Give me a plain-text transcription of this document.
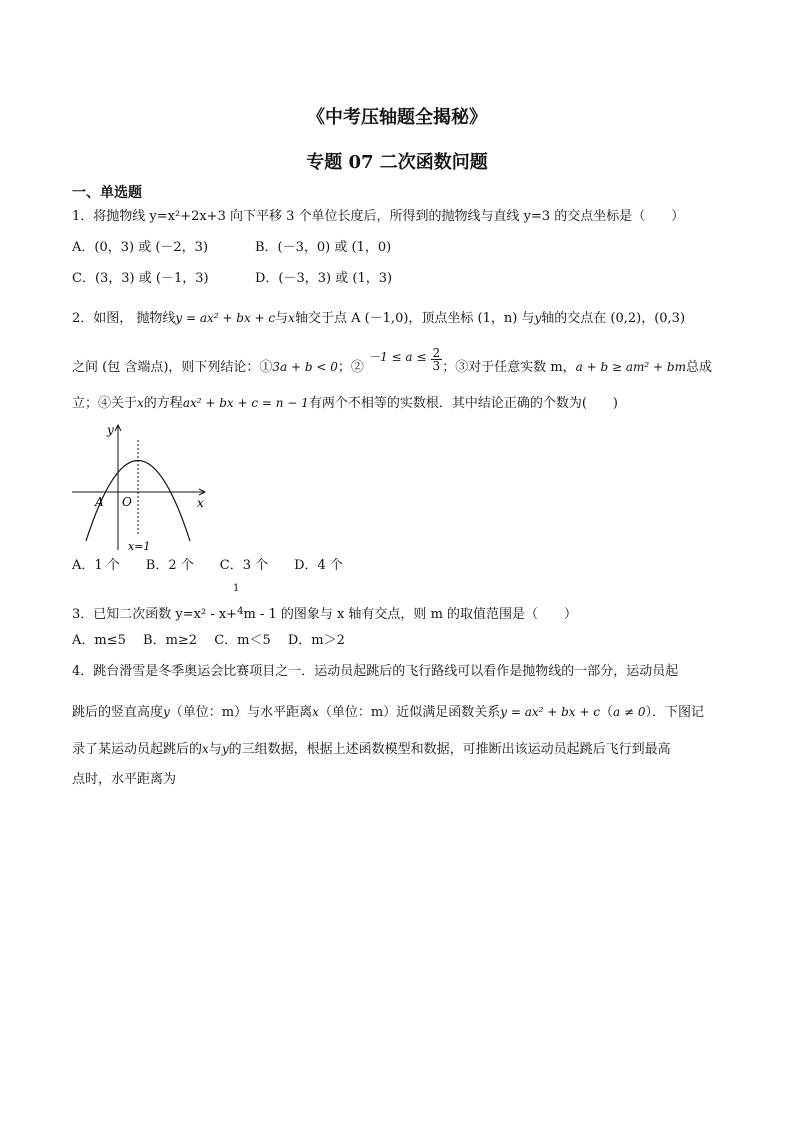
《中考压轴题全揭秘》
专题 07 二次函数问题
一、单选题
1．将抛物线 y=x²+2x+3 向下平移 3 个单位长度后，所得到的抛物线与直线 y=3 的交点坐标是（　　）
A．(0，3) 或 (－2，3)	B．(－3，0) 或 (1，0)
C．(3，3) 或 (－1，3)	D．(－3，3) 或 (1，3)
2．如图， 抛物线y = ax² + bx + c与x轴交于点 A (－1,0)，顶点坐标 (1，n) 与y轴的交点在 (0,2)，(0,3)
之间 (包 含端点)，则下列结论：①3a + b < 0；② $-1 \le a \le \frac{2}{3}$ ；③对于任意实数 m，a + b ≥ am² + bm总成
立；④关于x的方程ax² + bx + c = n − 1有两个不相等的实数根．其中结论正确的个数为(　　)
y
x
A O
x=1
A．1 个　　B．2 个　　C．3 个　　D．4 个
1
3．已知二次函数 y=x² - x+$^4$m - 1 的图象与 x 轴有交点，则 m 的取值范围是（　　）
A．m≤5　 B．m≥2　 C．m＜5　 D．m＞2
4．跳台滑雪是冬季奥运会比赛项目之一．运动员起跳后的飞行路线可以看作是抛物线的一部分，运动员起
跳后的竖直高度y（单位：m）与水平距离x（单位：m）近似满足函数关系y = ax² + bx + c（a ≠ 0）．下图记
录了某运动员起跳后的x与y的三组数据，根据上述函数模型和数据，可推断出该运动员起跳后飞行到最高
点时，水平距离为
